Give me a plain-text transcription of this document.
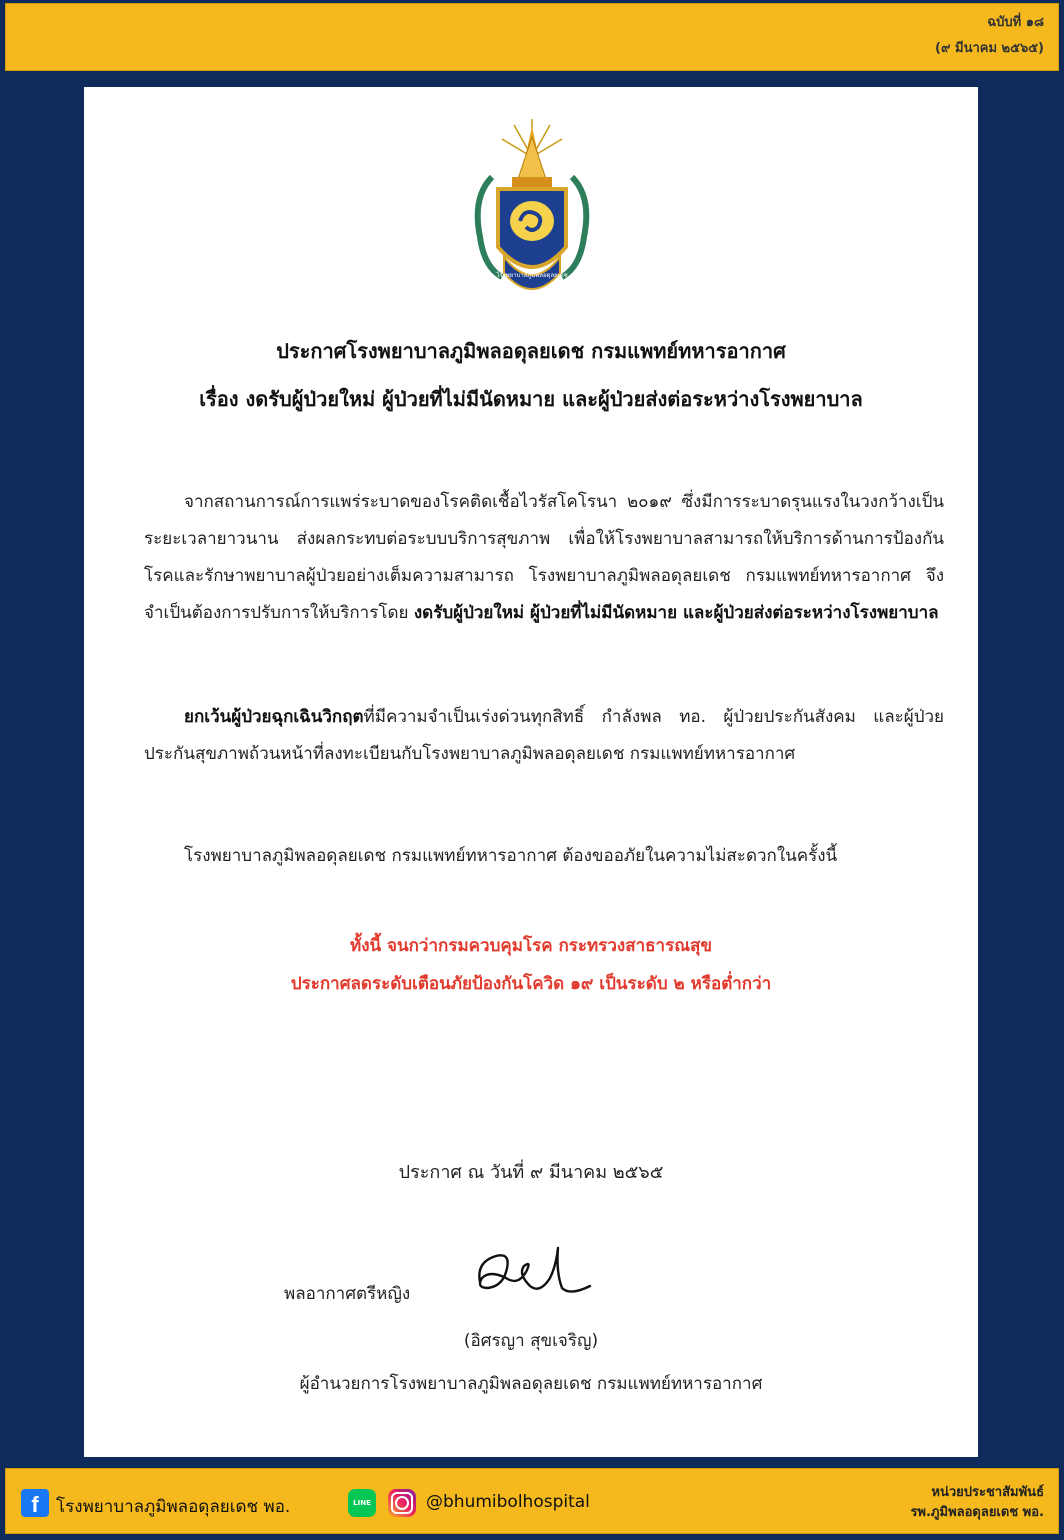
ฉบับที่ ๑๘
(๙ มีนาคม ๒๕๖๕)
โรงพยาบาลภูมิพลอดุลยเดช
ประกาศโรงพยาบาลภูมิพลอดุลยเดช กรมแพทย์ทหารอากาศ
เรื่อง งดรับผู้ป่วยใหม่ ผู้ป่วยที่ไม่มีนัดหมาย และผู้ป่วยส่งต่อระหว่างโรงพยาบาล
จากสถานการณ์การแพร่ระบาดของโรคติดเชื้อไวรัสโคโรนา ๒๐๑๙ ซึ่งมีการระบาดรุนแรงในวงกว้างเป็นระยะเวลายาวนาน ส่งผลกระทบต่อระบบบริการสุขภาพ เพื่อให้โรงพยาบาลสามารถให้บริการด้านการป้องกันโรคและรักษาพยาบาลผู้ป่วยอย่างเต็มความสามารถ โรงพยาบาลภูมิพลอดุลยเดช กรมแพทย์ทหารอากาศ จึงจำเป็นต้องการปรับการให้บริการโดย งดรับผู้ป่วยใหม่ ผู้ป่วยที่ไม่มีนัดหมาย และผู้ป่วยส่งต่อระหว่างโรงพยาบาล
ยกเว้นผู้ป่วยฉุกเฉินวิกฤตที่มีความจำเป็นเร่งด่วนทุกสิทธิ์ กำลังพล ทอ. ผู้ป่วยประกันสังคม และผู้ป่วยประกันสุขภาพถ้วนหน้าที่ลงทะเบียนกับโรงพยาบาลภูมิพลอดุลยเดช กรมแพทย์ทหารอากาศ
โรงพยาบาลภูมิพลอดุลยเดช กรมแพทย์ทหารอากาศ ต้องขออภัยในความไม่สะดวกในครั้งนี้
ทั้งนี้ จนกว่ากรมควบคุมโรค กระทรวงสาธารณสุข
ประกาศลดระดับเตือนภัยป้องกันโควิด ๑๙ เป็นระดับ ๒ หรือต่ำกว่า
ประกาศ ณ วันที่ ๙ มีนาคม ๒๕๖๕
พลอากาศตรีหญิง
(อิศรญา สุขเจริญ)
ผู้อำนวยการโรงพยาบาลภูมิพลอดุลยเดช กรมแพทย์ทหารอากาศ
f	โรงพยาบาลภูมิพลอดุลยเดช พอ.	LINE	@bhumibolhospital	หน่วยประชาสัมพันธ์
รพ.ภูมิพลอดุลยเดช พอ.
